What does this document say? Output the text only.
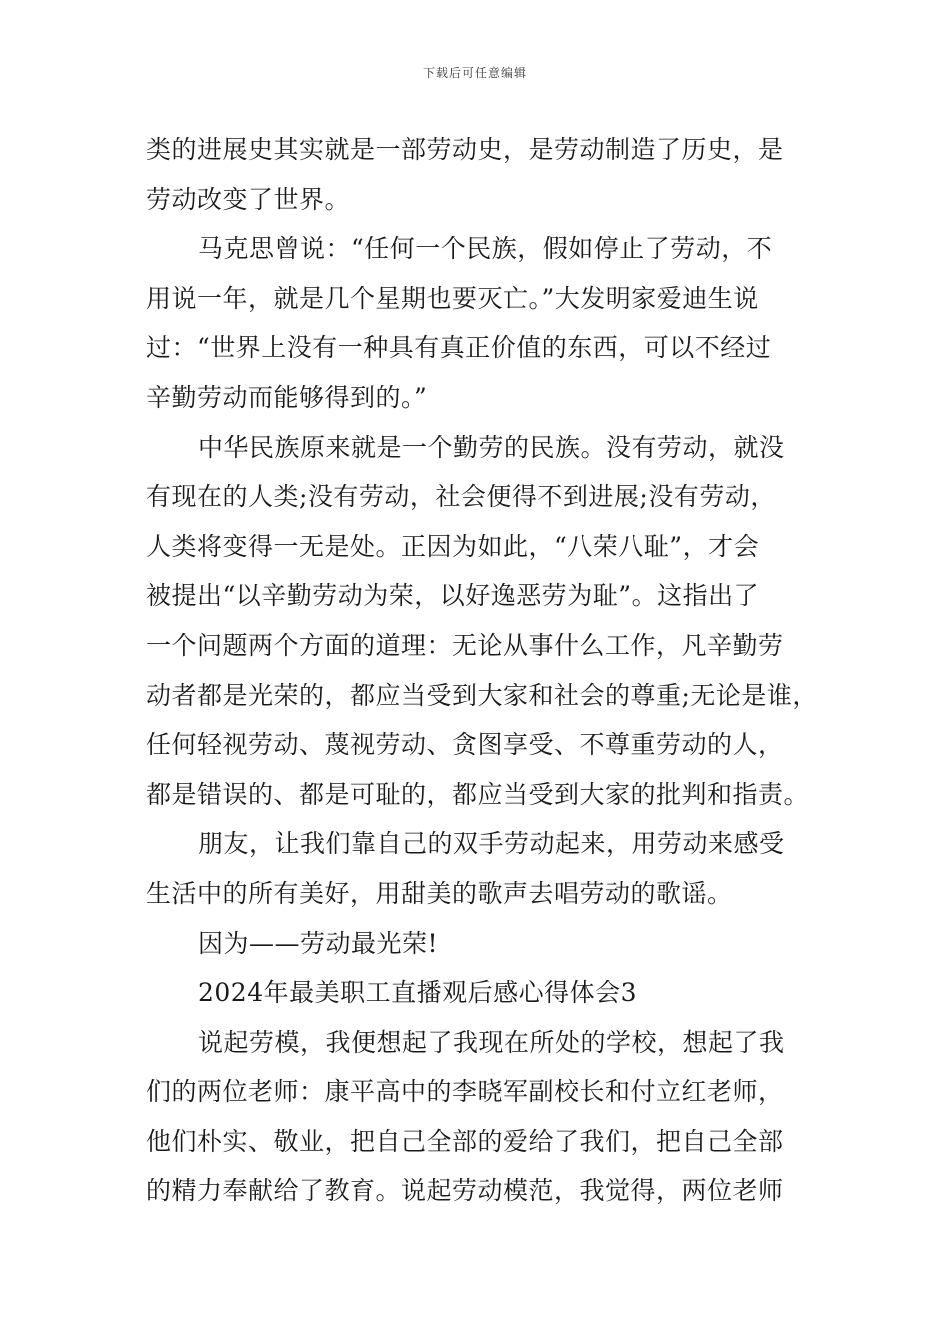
下载后可任意编辑

类的进展史其实就是一部劳动史，是劳动制造了历史，是
劳动改变了世界。

马克思曾说：“任何一个民族，假如停止了劳动，不

用说一年，就是几个星期也要灭亡。”大发明家爱迪生说
过：“世界上没有一种具有真正价值的东西，可以不经过
辛勤劳动而能够得到的。”

中华民族原来就是一个勤劳的民族。没有劳动，就没

有现在的人类;没有劳动，社会便得不到进展;没有劳动，
人类将变得一无是处。正因为如此，“八荣八耻”，才会
被提出“以辛勤劳动为荣，以好逸恶劳为耻”。这指出了
一个问题两个方面的道理：无论从事什么工作，凡辛勤劳
动者都是光荣的，都应当受到大家和社会的尊重;无论是谁，
任何轻视劳动、蔑视劳动、贪图享受、不尊重劳动的人，
都是错误的、都是可耻的，都应当受到大家的批判和指责。

朋友，让我们靠自己的双手劳动起来，用劳动来感受

生活中的所有美好，用甜美的歌声去唱劳动的歌谣。

因为——劳动最光荣!

2024年最美职工直播观后感心得体会3

说起劳模，我便想起了我现在所处的学校，想起了我

们的两位老师：康平高中的李晓军副校长和付立红老师，
他们朴实、敬业，把自己全部的爱给了我们，把自己全部
的精力奉献给了教育。说起劳动模范，我觉得，两位老师
